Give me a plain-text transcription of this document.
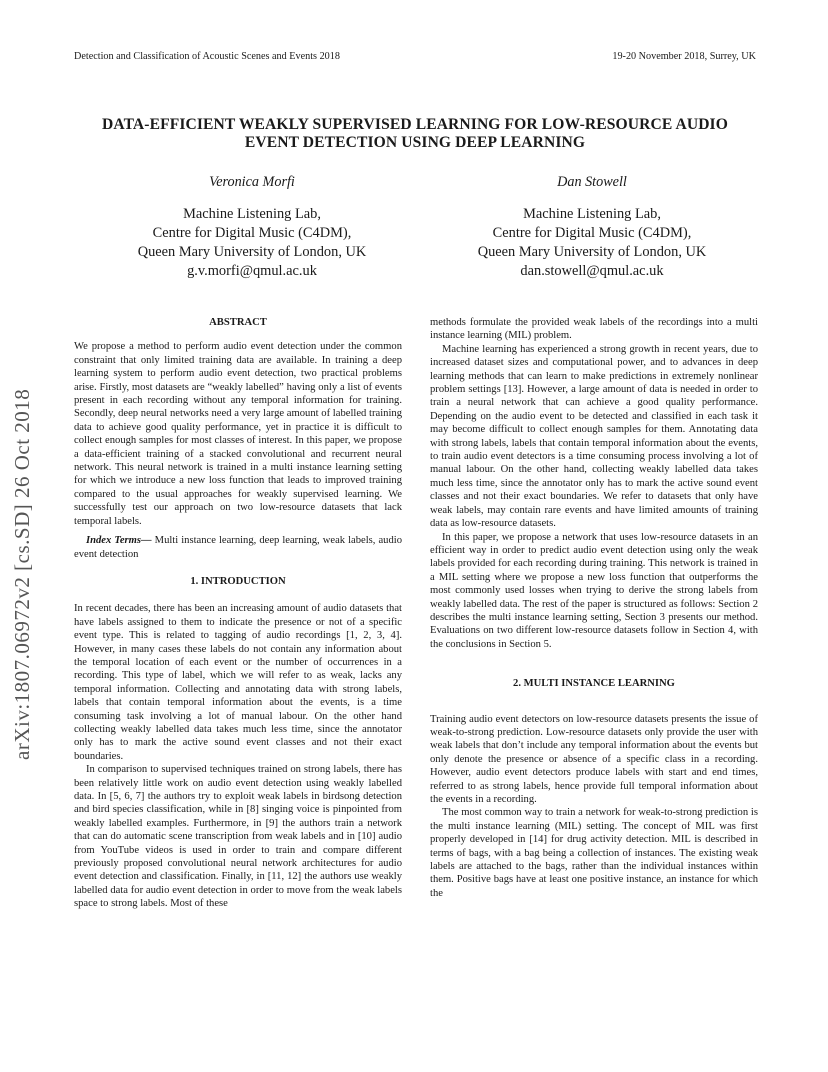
Detection and Classification of Acoustic Scenes and Events 2018	19-20 November 2018, Surrey, UK
DATA-EFFICIENT WEAKLY SUPERVISED LEARNING FOR LOW-RESOURCE AUDIO
EVENT DETECTION USING DEEP LEARNING
Veronica Morfi
Machine Listening Lab,
Centre for Digital Music (C4DM),
Queen Mary University of London, UK
g.v.morfi@qmul.ac.uk
Dan Stowell
Machine Listening Lab,
Centre for Digital Music (C4DM),
Queen Mary University of London, UK
dan.stowell@qmul.ac.uk
arXiv:1807.06972v2 [cs.SD] 26 Oct 2018
ABSTRACT

We propose a method to perform audio event detection under the common constraint that only limited training data are available. In training a deep learning system to perform audio event detection, two practical problems arise. Firstly, most datasets are “weakly labelled” having only a list of events present in each recording without any temporal information for training. Secondly, deep neural networks need a very large amount of labelled training data to achieve good quality performance, yet in practice it is difficult to collect enough samples for most classes of interest. In this paper, we propose a data-efficient training of a stacked convolutional and recurrent neural network. This neural network is trained in a multi instance learning setting for which we introduce a new loss function that leads to improved training compared to the usual approaches for weakly supervised learning. We successfully test our approach on two low-resource datasets that lack temporal labels.

Index Terms— Multi instance learning, deep learning, weak labels, audio event detection

1. INTRODUCTION

In recent decades, there has been an increasing amount of audio datasets that have labels assigned to them to indicate the presence or not of a specific event type. This is related to tagging of audio recordings [1, 2, 3, 4]. However, in many cases these labels do not contain any information about the temporal location of each event or the number of occurrences in a recording. This type of label, which we will refer to as weak, lacks any temporal information. Collecting and annotating data with strong labels, labels that contain temporal information about the events, is a time consuming task involving a lot of manual labour. On the other hand collecting weakly labelled data takes much less time, since the annotator only has to mark the active sound event classes and not their exact boundaries.

In comparison to supervised techniques trained on strong labels, there has been relatively little work on audio event detection using weakly labelled data. In [5, 6, 7] the authors try to exploit weak labels in birdsong detection and bird species classification, while in [8] singing voice is pinpointed from weakly labelled examples. Furthermore, in [9] the authors train a network that can do automatic scene transcription from weak labels and in [10] audio from YouTube videos is used in order to train and compare different previously proposed convolutional neural network architectures for audio event detection and classification. Finally, in [11, 12] the authors use weakly labelled data for audio event detection in order to move from the weak labels space to strong labels. Most of these

methods formulate the provided weak labels of the recordings into a multi instance learning (MIL) problem.

Machine learning has experienced a strong growth in recent years, due to increased dataset sizes and computational power, and to advances in deep learning methods that can learn to make predictions in extremely nonlinear problem settings [13]. However, a large amount of data is needed in order to train a neural network that can achieve a good quality performance. Depending on the audio event to be detected and classified in each task it may become difficult to collect enough samples for them. Annotating data with strong labels, labels that contain temporal information about the events, to train audio event detectors is a time consuming process involving a lot of manual labour. On the other hand, collecting weakly labelled data takes much less time, since the annotator only has to mark the active sound event classes and not their exact boundaries. We refer to datasets that only have weak labels, may contain rare events and have limited amounts of training data as low-resource datasets.

In this paper, we propose a network that uses low-resource datasets in an efficient way in order to predict audio event detection using only the weak labels provided for each recording during training. This network is trained in a MIL setting where we propose a new loss function that outperforms the most commonly used losses when trying to derive the strong labels from weakly labelled data. The rest of the paper is structured as follows: Section 2 describes the multi instance learning setting, Section 3 presents our method. Evaluations on two different low-resource datasets follow in Section 4, with the conclusions in Section 5.

2. MULTI INSTANCE LEARNING

Training audio event detectors on low-resource datasets presents the issue of weak-to-strong prediction. Low-resource datasets only provide the user with weak labels that don’t include any temporal information about the events but only denote the presence or absence of a specific class in a recording. However, audio event detectors produce labels with start and end times, referred to as strong labels, hence provide full temporal information about the events in a recording.

The most common way to train a network for weak-to-strong prediction is the multi instance learning (MIL) setting. The concept of MIL was first properly developed in [14] for drug activity detection. MIL is described in terms of bags, with a bag being a collection of instances. The existing weak labels are attached to the bags, rather than the individual instances within them. Positive bags have at least one positive instance, an instance for which the
